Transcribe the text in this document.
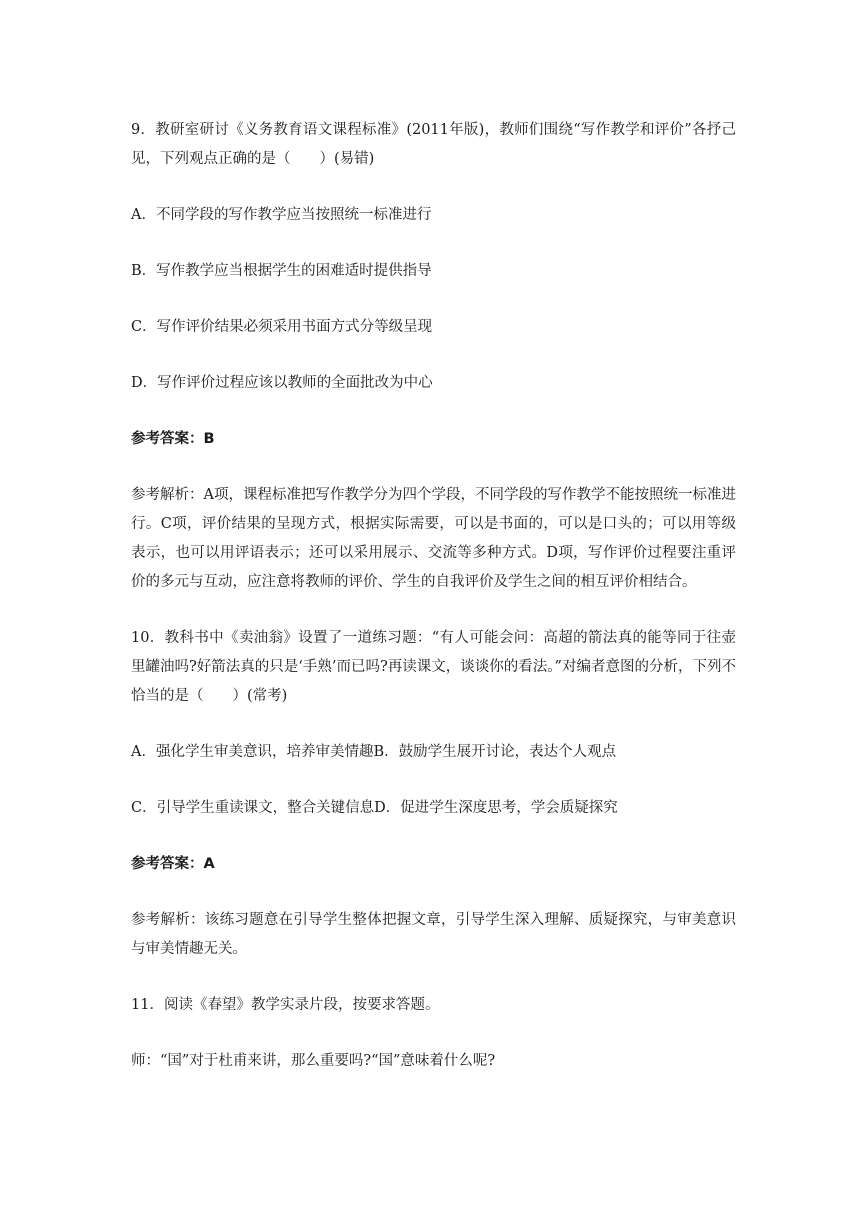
9．教研室研讨《义务教育语文课程标准》(2011年版)，教师们围绕“写作教学和评价”各抒己见，下列观点正确的是（　　）(易错)

A．不同学段的写作教学应当按照统一标准进行

B．写作教学应当根据学生的困难适时提供指导

C．写作评价结果必须采用书面方式分等级呈现

D．写作评价过程应该以教师的全面批改为中心

参考答案：B

参考解析：A项，课程标准把写作教学分为四个学段，不同学段的写作教学不能按照统一标准进行。C项，评价结果的呈现方式，根据实际需要，可以是书面的，可以是口头的；可以用等级表示，也可以用评语表示；还可以采用展示、交流等多种方式。D项，写作评价过程要注重评价的多元与互动，应注意将教师的评价、学生的自我评价及学生之间的相互评价相结合。

10．教科书中《卖油翁》设置了一道练习题：“有人可能会问：高超的箭法真的能等同于往壶里罐油吗?好箭法真的只是‘手熟’而已吗?再读课文，谈谈你的看法。”对编者意图的分析，下列不恰当的是（　　）(常考)

A．强化学生审美意识，培养审美情趣 B．鼓励学生展开讨论，表达个人观点
C．引导学生重读课文，整合关键信息 D．促进学生深度思考，学会质疑探究

参考答案：A

参考解析：该练习题意在引导学生整体把握文章，引导学生深入理解、质疑探究，与审美意识与审美情趣无关。

11．阅读《春望》教学实录片段，按要求答题。

师：“国”对于杜甫来讲，那么重要吗?“国”意味着什么呢?
